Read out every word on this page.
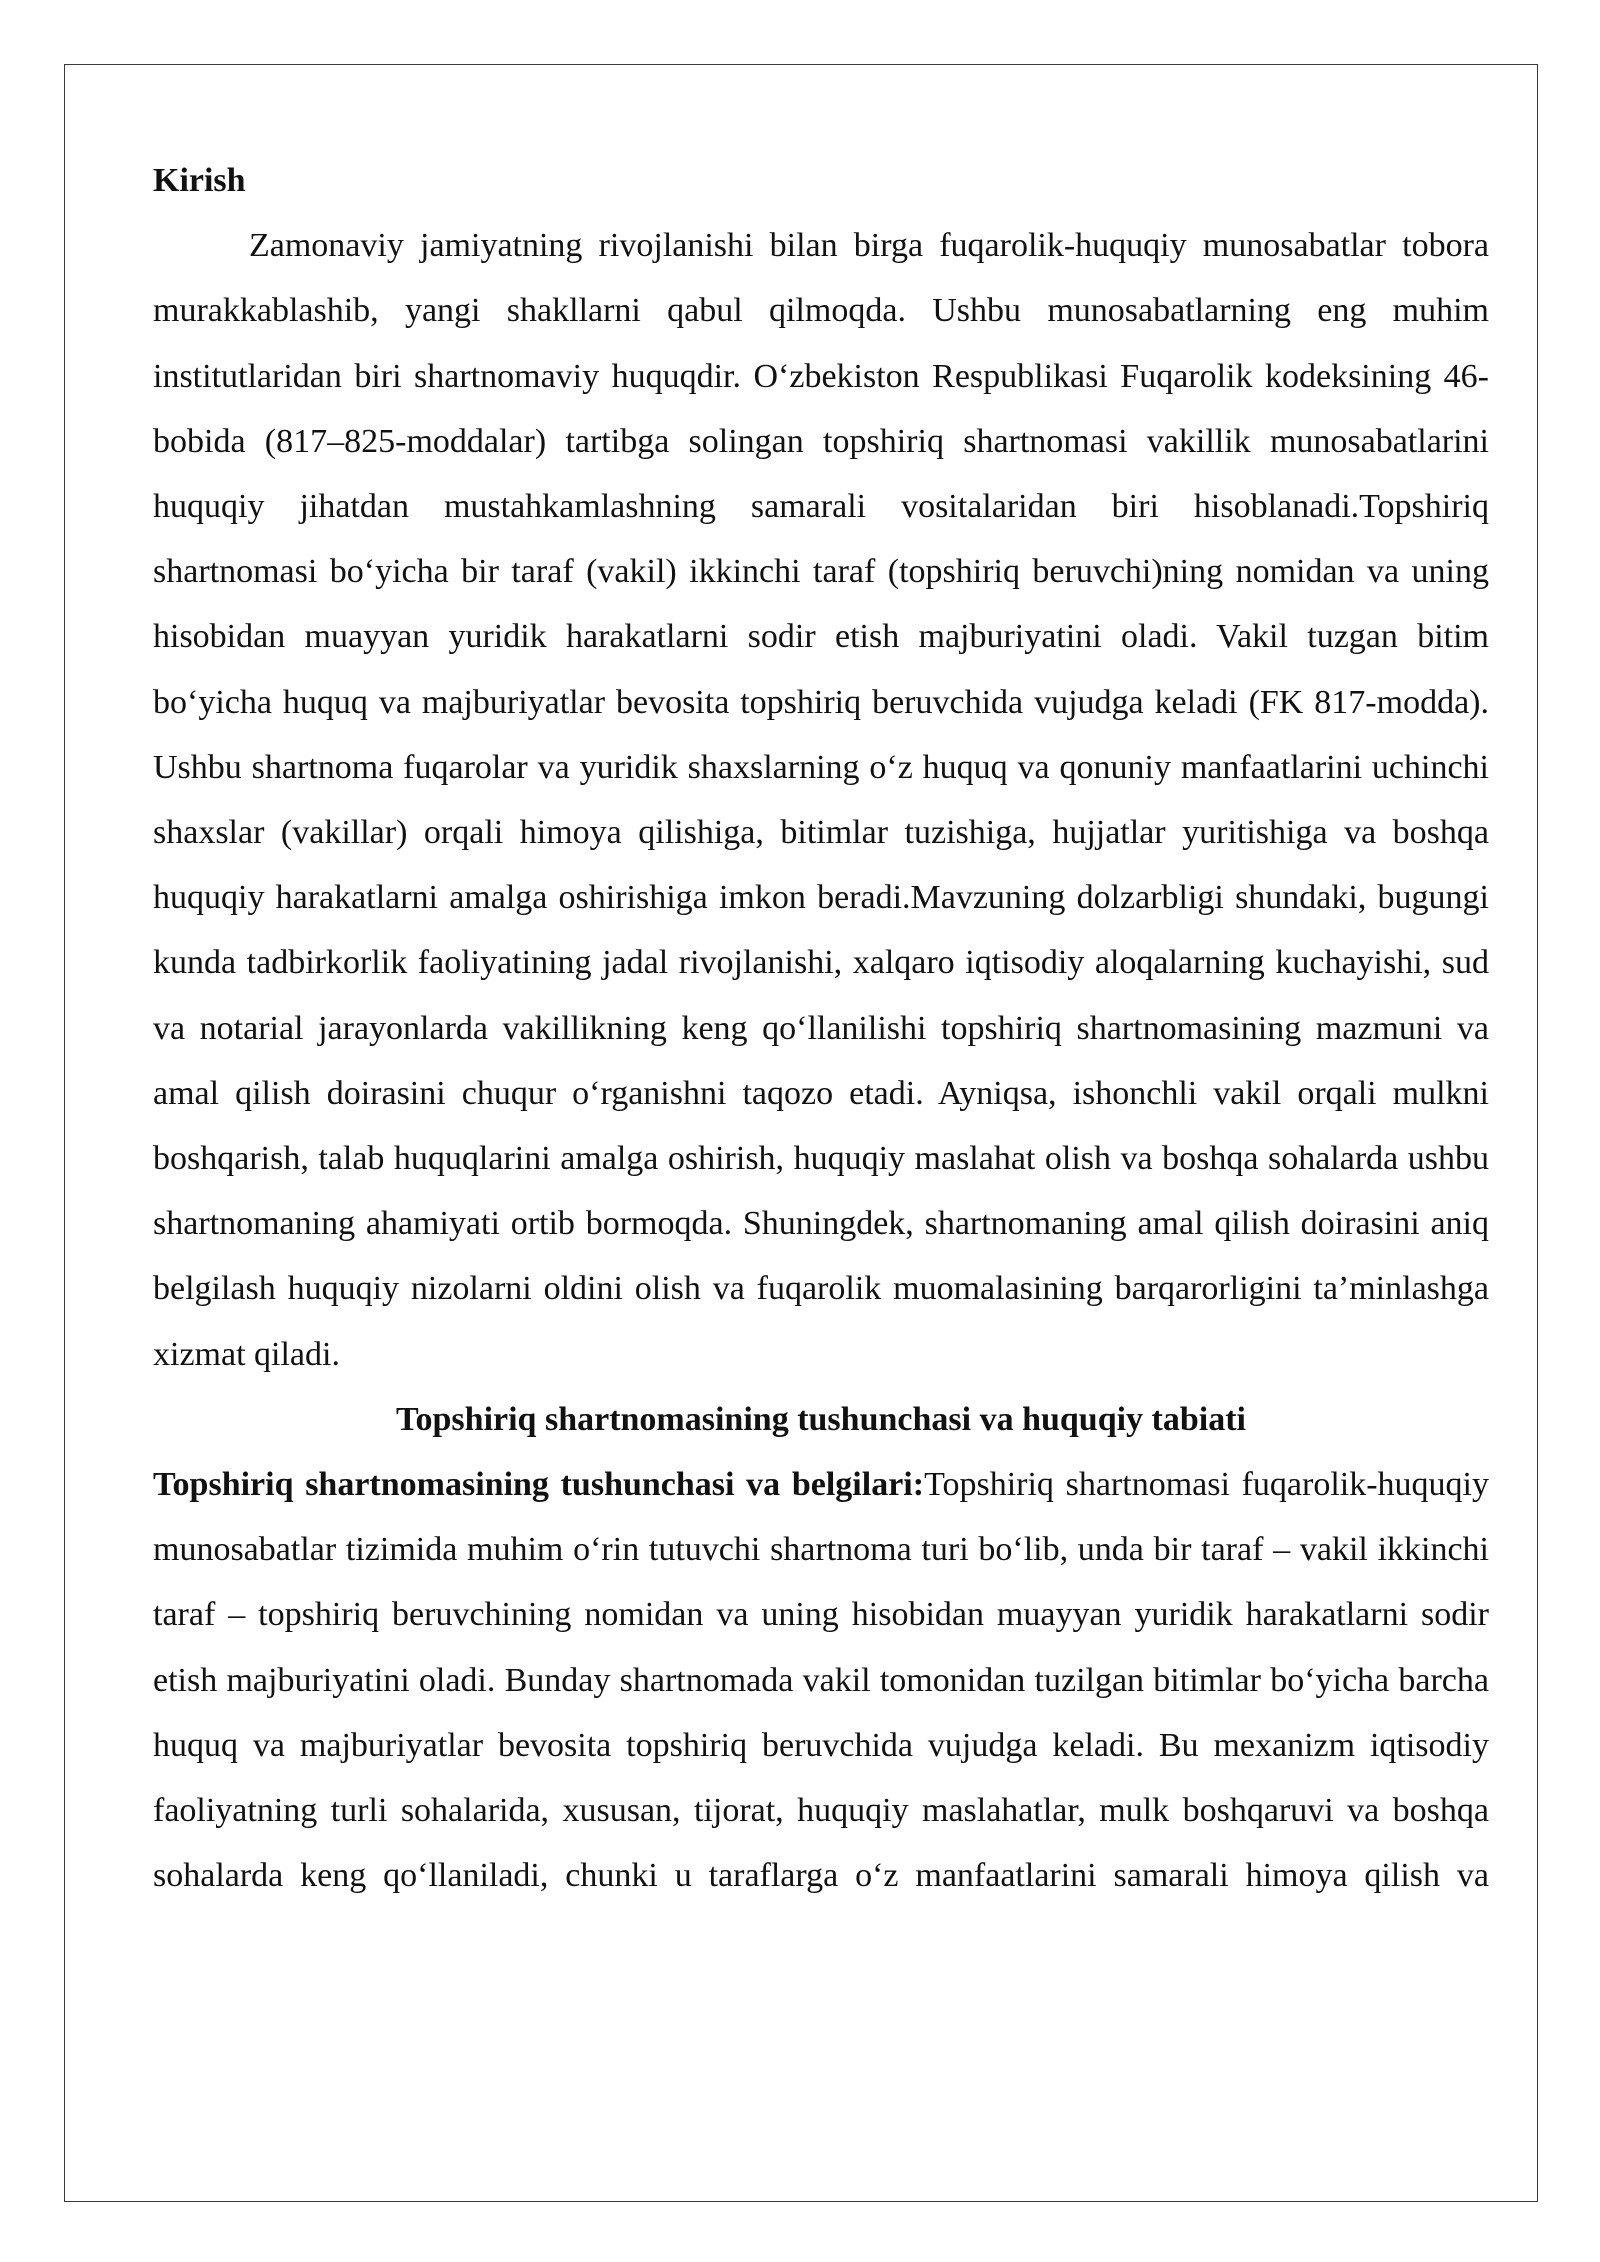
Kirish

Zamonaviy jamiyatning rivojlanishi bilan birga fuqarolik-huquqiy munosabatlar tobora murakkablashib, yangi shakllarni qabul qilmoqda. Ushbu munosabatlarning eng muhim institutlaridan biri shartnomaviy huquqdir. O‘zbekiston Respublikasi Fuqarolik kodeksining 46-bobida (817–825-moddalar) tartibga solingan topshiriq shartnomasi vakillik munosabatlarini huquqiy jihatdan mustahkamlashning samarali vositalaridan biri hisoblanadi.Topshiriq shartnomasi bo‘yicha bir taraf (vakil) ikkinchi taraf (topshiriq beruvchi)ning nomidan va uning hisobidan muayyan yuridik harakatlarni sodir etish majburiyatini oladi. Vakil tuzgan bitim bo‘yicha huquq va majburiyatlar bevosita topshiriq beruvchida vujudga keladi (FK 817-modda). Ushbu shartnoma fuqarolar va yuridik shaxslarning o‘z huquq va qonuniy manfaatlarini uchinchi shaxslar (vakillar) orqali himoya qilishiga, bitimlar tuzishiga, hujjatlar yuritishiga va boshqa huquqiy harakatlarni amalga oshirishiga imkon beradi.Mavzuning dolzarbligi shundaki, bugungi kunda tadbirkorlik faoliyatining jadal rivojlanishi, xalqaro iqtisodiy aloqalarning kuchayishi, sud va notarial jarayonlarda vakillikning keng qo‘llanilishi topshiriq shartnomasining mazmuni va amal qilish doirasini chuqur o‘rganishni taqozo etadi. Ayniqsa, ishonchli vakil orqali mulkni boshqarish, talab huquqlarini amalga oshirish, huquqiy maslahat olish va boshqa sohalarda ushbu shartnomaning ahamiyati ortib bormoqda. Shuningdek, shartnomaning amal qilish doirasini aniq belgilash huquqiy nizolarni oldini olish va fuqarolik muomalasining barqarorligini ta’minlashga xizmat qiladi.

Topshiriq shartnomasining tushunchasi va huquqiy tabiati

Topshiriq shartnomasining tushunchasi va belgilari:Topshiriq shartnomasi fuqarolik-huquqiy munosabatlar tizimida muhim o‘rin tutuvchi shartnoma turi bo‘lib, unda bir taraf – vakil ikkinchi taraf – topshiriq beruvchining nomidan va uning hisobidan muayyan yuridik harakatlarni sodir etish majburiyatini oladi. Bunday shartnomada vakil tomonidan tuzilgan bitimlar bo‘yicha barcha huquq va majburiyatlar bevosita topshiriq beruvchida vujudga keladi. Bu mexanizm iqtisodiy faoliyatning turli sohalarida, xususan, tijorat, huquqiy maslahatlar, mulk boshqaruvi va boshqa sohalarda keng qo‘llaniladi, chunki u taraflarga o‘z manfaatlarini samarali himoya qilish va
